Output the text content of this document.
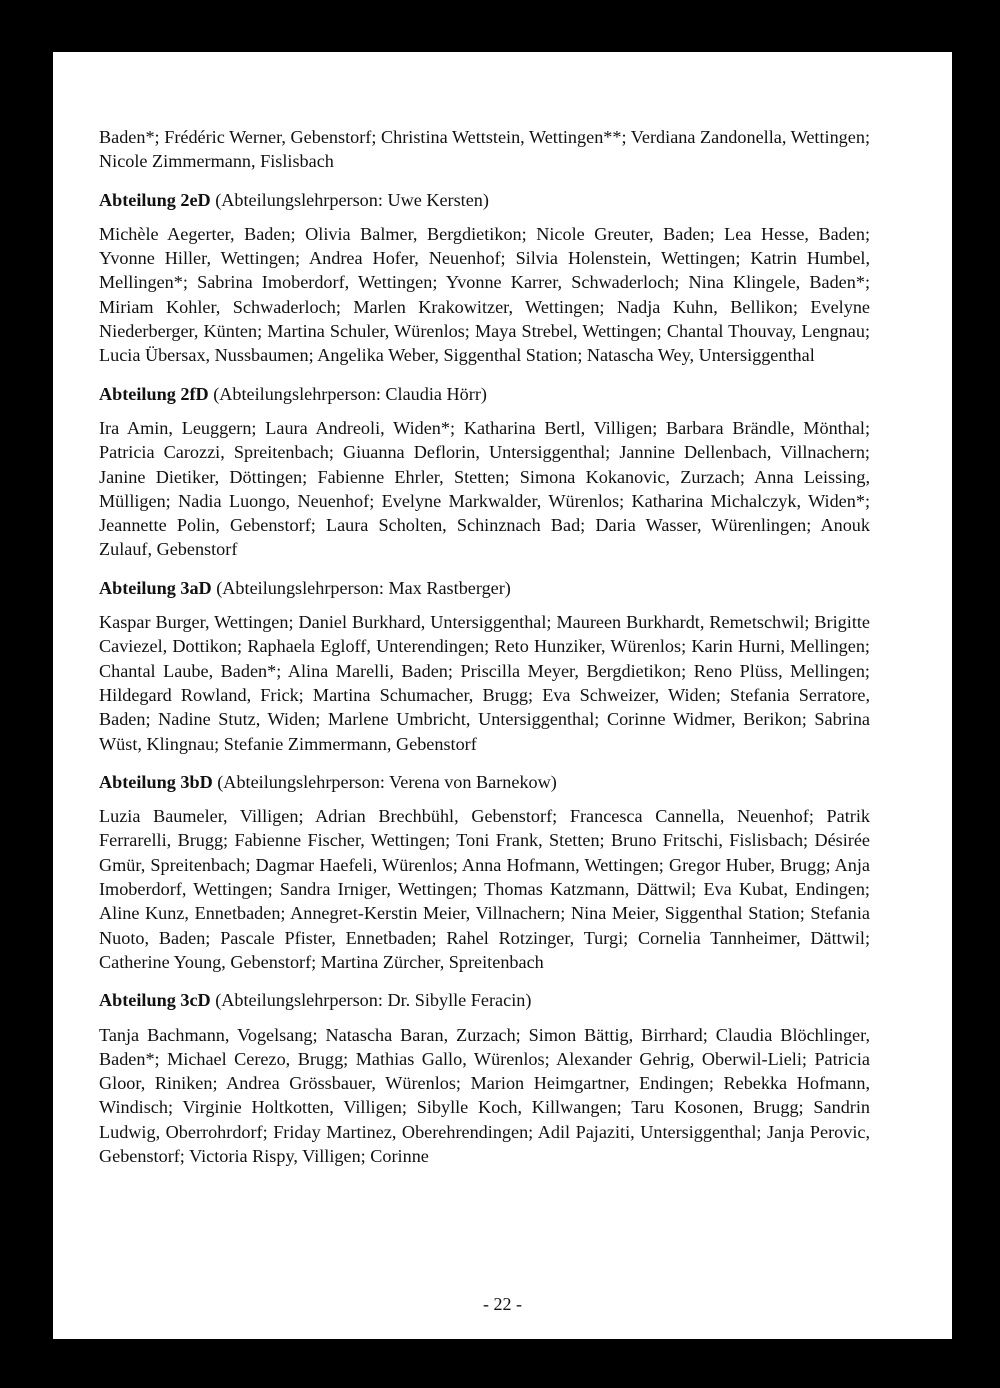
Baden*; Frédéric Werner, Gebenstorf; Christina Wettstein, Wettingen**; Verdiana Zandonella, Wettingen; Nicole Zimmermann, Fislisbach

Abteilung 2eD (Abteilungslehrperson: Uwe Kersten)

Michèle Aegerter, Baden; Olivia Balmer, Bergdietikon; Nicole Greuter, Baden; Lea Hesse, Baden; Yvonne Hiller, Wettingen; Andrea Hofer, Neuenhof; Silvia Holenstein, Wettingen; Katrin Humbel, Mellingen*; Sabrina Imoberdorf, Wettingen; Yvonne Karrer, Schwaderloch; Nina Klingele, Baden*; Miriam Kohler, Schwaderloch; Marlen Krakowitzer, Wettingen; Nadja Kuhn, Bellikon; Evelyne Niederberger, Künten; Martina Schuler, Würenlos; Maya Strebel, Wettingen; Chantal Thouvay, Lengnau; Lucia Übersax, Nussbaumen; Angelika Weber, Siggenthal Station; Natascha Wey, Untersiggenthal

Abteilung 2fD (Abteilungslehrperson: Claudia Hörr)

Ira Amin, Leuggern; Laura Andreoli, Widen*; Katharina Bertl, Villigen; Barbara Brändle, Mönthal; Patricia Carozzi, Spreitenbach; Giuanna Deflorin, Untersiggenthal; Jannine Dellenbach, Villnachern; Janine Dietiker, Döttingen; Fabienne Ehrler, Stetten; Simona Kokanovic, Zurzach; Anna Leissing, Mülligen; Nadia Luongo, Neuenhof; Evelyne Markwalder, Würenlos; Katharina Michalczyk, Widen*; Jeannette Polin, Gebenstorf; Laura Scholten, Schinznach Bad; Daria Wasser, Würenlingen; Anouk Zulauf, Gebenstorf

Abteilung 3aD (Abteilungslehrperson: Max Rastberger)

Kaspar Burger, Wettingen; Daniel Burkhard, Untersiggenthal; Maureen Burkhardt, Remetschwil; Brigitte Caviezel, Dottikon; Raphaela Egloff, Unterendingen; Reto Hunziker, Würenlos; Karin Hurni, Mellingen; Chantal Laube, Baden*; Alina Marelli, Baden; Priscilla Meyer, Bergdietikon; Reno Plüss, Mellingen; Hildegard Rowland, Frick; Martina Schumacher, Brugg; Eva Schweizer, Widen; Stefania Serratore, Baden; Nadine Stutz, Widen; Marlene Umbricht, Untersiggenthal; Corinne Widmer, Berikon; Sabrina Wüst, Klingnau; Stefanie Zimmermann, Gebenstorf

Abteilung 3bD (Abteilungslehrperson: Verena von Barnekow)

Luzia Baumeler, Villigen; Adrian Brechbühl, Gebenstorf; Francesca Cannella, Neuenhof; Patrik Ferrarelli, Brugg; Fabienne Fischer, Wettingen; Toni Frank, Stetten; Bruno Fritschi, Fislisbach; Désirée Gmür, Spreitenbach; Dagmar Haefeli, Würenlos; Anna Hofmann, Wettingen; Gregor Huber, Brugg; Anja Imoberdorf, Wettingen; Sandra Irniger, Wettingen; Thomas Katzmann, Dättwil; Eva Kubat, Endingen; Aline Kunz, Ennetbaden; Annegret-Kerstin Meier, Villnachern; Nina Meier, Siggenthal Station; Stefania Nuoto, Baden; Pascale Pfister, Ennetbaden; Rahel Rotzinger, Turgi; Cornelia Tannheimer, Dättwil; Catherine Young, Gebenstorf; Martina Zürcher, Spreitenbach

Abteilung 3cD (Abteilungslehrperson: Dr. Sibylle Feracin)

Tanja Bachmann, Vogelsang; Natascha Baran, Zurzach; Simon Bättig, Birrhard; Claudia Blöchlinger, Baden*; Michael Cerezo, Brugg; Mathias Gallo, Würenlos; Alexander Gehrig, Oberwil-Lieli; Patricia Gloor, Riniken; Andrea Grössbauer, Würenlos; Marion Heimgartner, Endingen; Rebekka Hofmann, Windisch; Virginie Holtkotten, Villigen; Sibylle Koch, Killwangen; Taru Kosonen, Brugg; Sandrin Ludwig, Oberrohrdorf; Friday Martinez, Oberehrendingen; Adil Pajaziti, Untersiggenthal; Janja Perovic, Gebenstorf; Victoria Rispy, Villigen; Corinne

- 22 -
